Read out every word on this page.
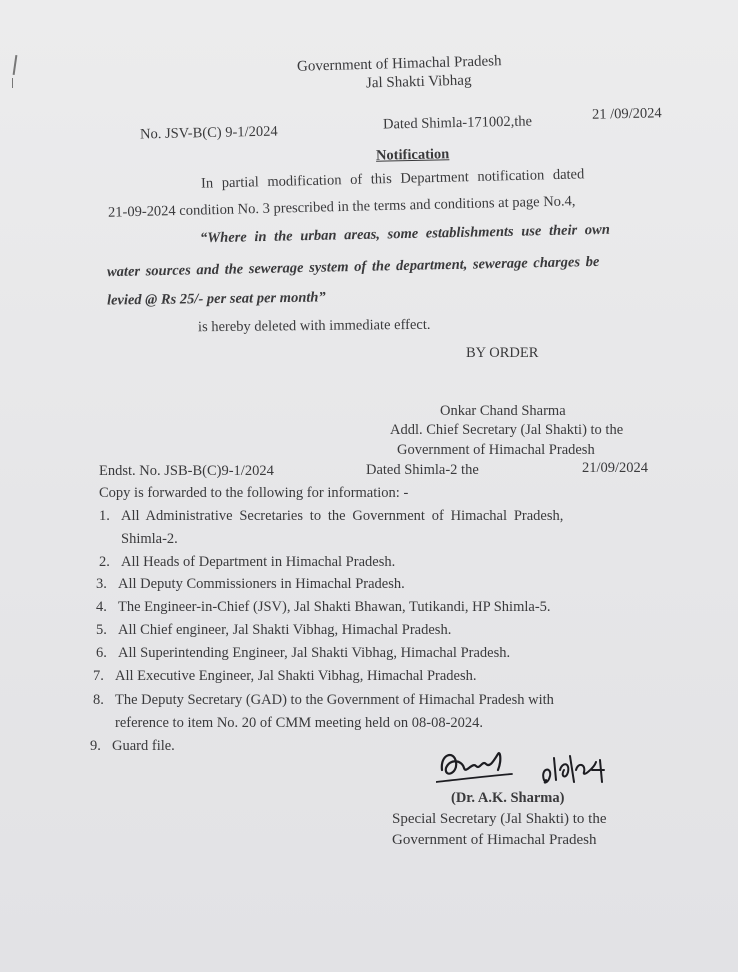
Government of Himachal Pradesh
Jal Shakti Vibhag
No. JSV-B(C) 9-1/2024
Dated Shimla-171002,the	21 /09/2024
Notification
In partial modification of this Department notification dated
21-09-2024 condition No. 3 prescribed in the terms and conditions at page No.4,
“Where in the urban areas, some establishments use their own
water sources and the sewerage system of the department, sewerage charges be
levied @ Rs 25/- per seat per month”
is hereby deleted with immediate effect.
BY ORDER
Onkar Chand Sharma
Addl. Chief Secretary (Jal Shakti) to the
Government of Himachal Pradesh
Endst. No. JSB-B(C)9-1/2024	Dated Shimla-2 the	21/09/2024
Copy is forwarded to the following for information: -
1. All Administrative Secretaries to the Government of Himachal Pradesh,
Shimla-2.
2. All Heads of Department in Himachal Pradesh.
3. All Deputy Commissioners in Himachal Pradesh.
4. The Engineer-in-Chief (JSV), Jal Shakti Bhawan, Tutikandi, HP Shimla-5.
5. All Chief engineer, Jal Shakti Vibhag, Himachal Pradesh.
6. All Superintending Engineer, Jal Shakti Vibhag, Himachal Pradesh.
7. All Executive Engineer, Jal Shakti Vibhag, Himachal Pradesh.
8. The Deputy Secretary (GAD) to the Government of Himachal Pradesh with
reference to item No. 20 of CMM meeting held on 08-08-2024.
9. Guard file.
(Dr. A.K. Sharma)
Special Secretary (Jal Shakti) to the
Government of Himachal Pradesh
